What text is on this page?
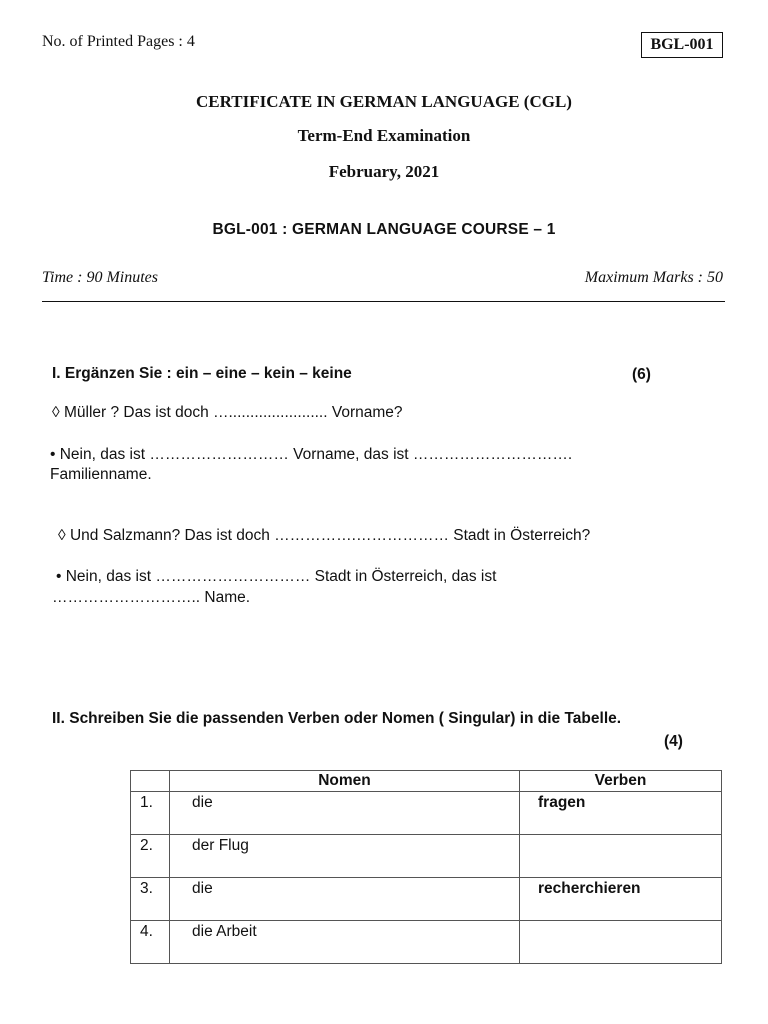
No. of Printed Pages : 4	BGL-001
CERTIFICATE IN GERMAN LANGUAGE (CGL)
Term-End Examination
February, 2021
BGL-001 : GERMAN LANGUAGE COURSE – 1
Time : 90 Minutes	Maximum Marks : 50
I. Ergänzen Sie : ein – eine – kein – keine	(6)
◊ Müller ? Das ist doch …....................... Vorname?
• Nein, das ist ……………………… Vorname, das ist ………………………….
Familienname.
◊ Und Salzmann? Das ist doch …………….……………… Stadt in Österreich?
• Nein, das ist ………………………… Stadt in Österreich, das ist
……………………….. Name.
II. Schreiben Sie die passenden Verben oder Nomen ( Singular) in die Tabelle.
(4)
	Nomen	Verben
1.	die	fragen
2.	der Flug	
3.	die	recherchieren
4.	die Arbeit	
